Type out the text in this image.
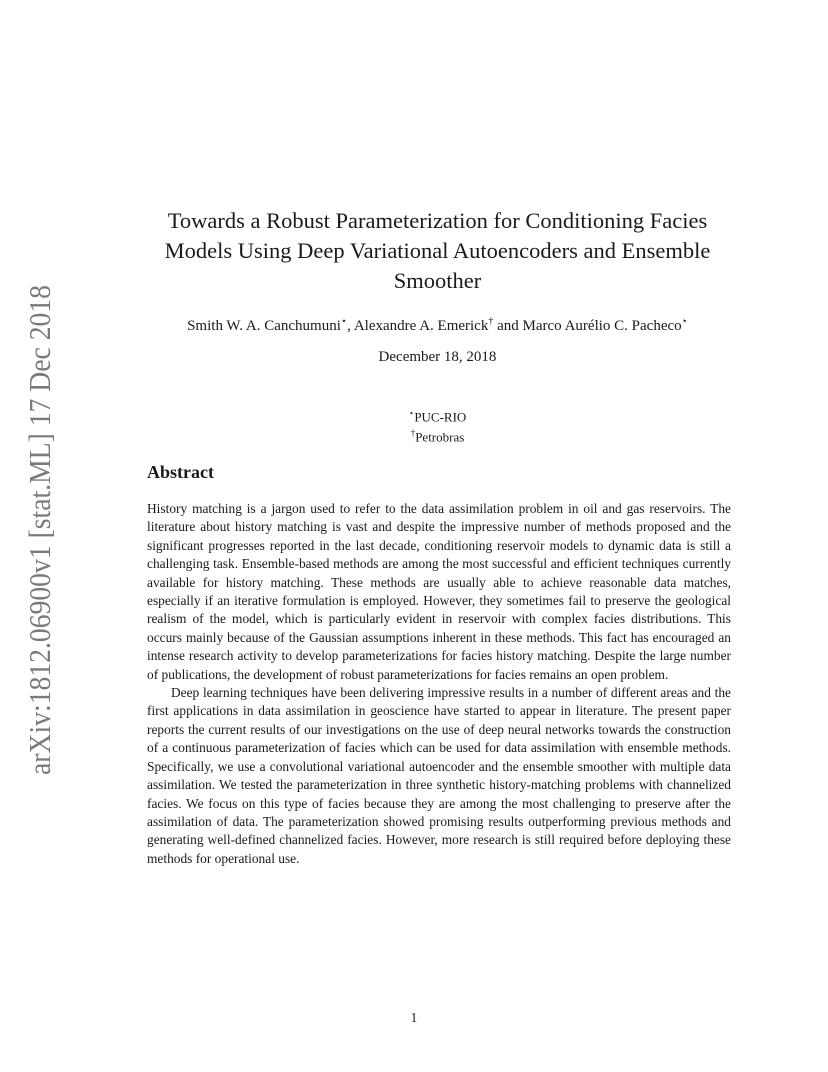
arXiv:1812.06900v1 [stat.ML] 17 Dec 2018
Towards a Robust Parameterization for Conditioning Facies
Models Using Deep Variational Autoencoders and Ensemble
Smoother
Smith W. A. Canchumuni⋆, Alexandre A. Emerick† and Marco Aurélio C. Pacheco⋆
December 18, 2018
⋆PUC-RIO
†Petrobras
Abstract

History matching is a jargon used to refer to the data assimilation problem in oil and gas reservoirs. The literature about history matching is vast and despite the impressive number of methods proposed and the significant progresses reported in the last decade, conditioning reservoir models to dynamic data is still a challenging task. Ensemble-based methods are among the most successful and efficient techniques currently available for history matching. These methods are usually able to achieve reasonable data matches, especially if an iterative formulation is employed. However, they sometimes fail to preserve the geological realism of the model, which is particularly evident in reservoir with complex facies distributions. This occurs mainly because of the Gaussian assumptions inherent in these methods. This fact has encouraged an intense research activity to develop parameterizations for facies history matching. Despite the large number of publications, the development of robust parameterizations for facies remains an open problem.

Deep learning techniques have been delivering impressive results in a number of different areas and the first applications in data assimilation in geoscience have started to appear in literature. The present paper reports the current results of our investigations on the use of deep neural networks towards the construction of a continuous parameterization of facies which can be used for data assimilation with ensemble methods. Specifically, we use a convolutional variational autoencoder and the ensemble smoother with multiple data assimilation. We tested the parameterization in three synthetic history-matching problems with channelized facies. We focus on this type of facies because they are among the most challenging to preserve after the assimilation of data. The parameterization showed promising results outperforming previous methods and generating well-defined channelized facies. However, more research is still required before deploying these methods for operational use.

1
